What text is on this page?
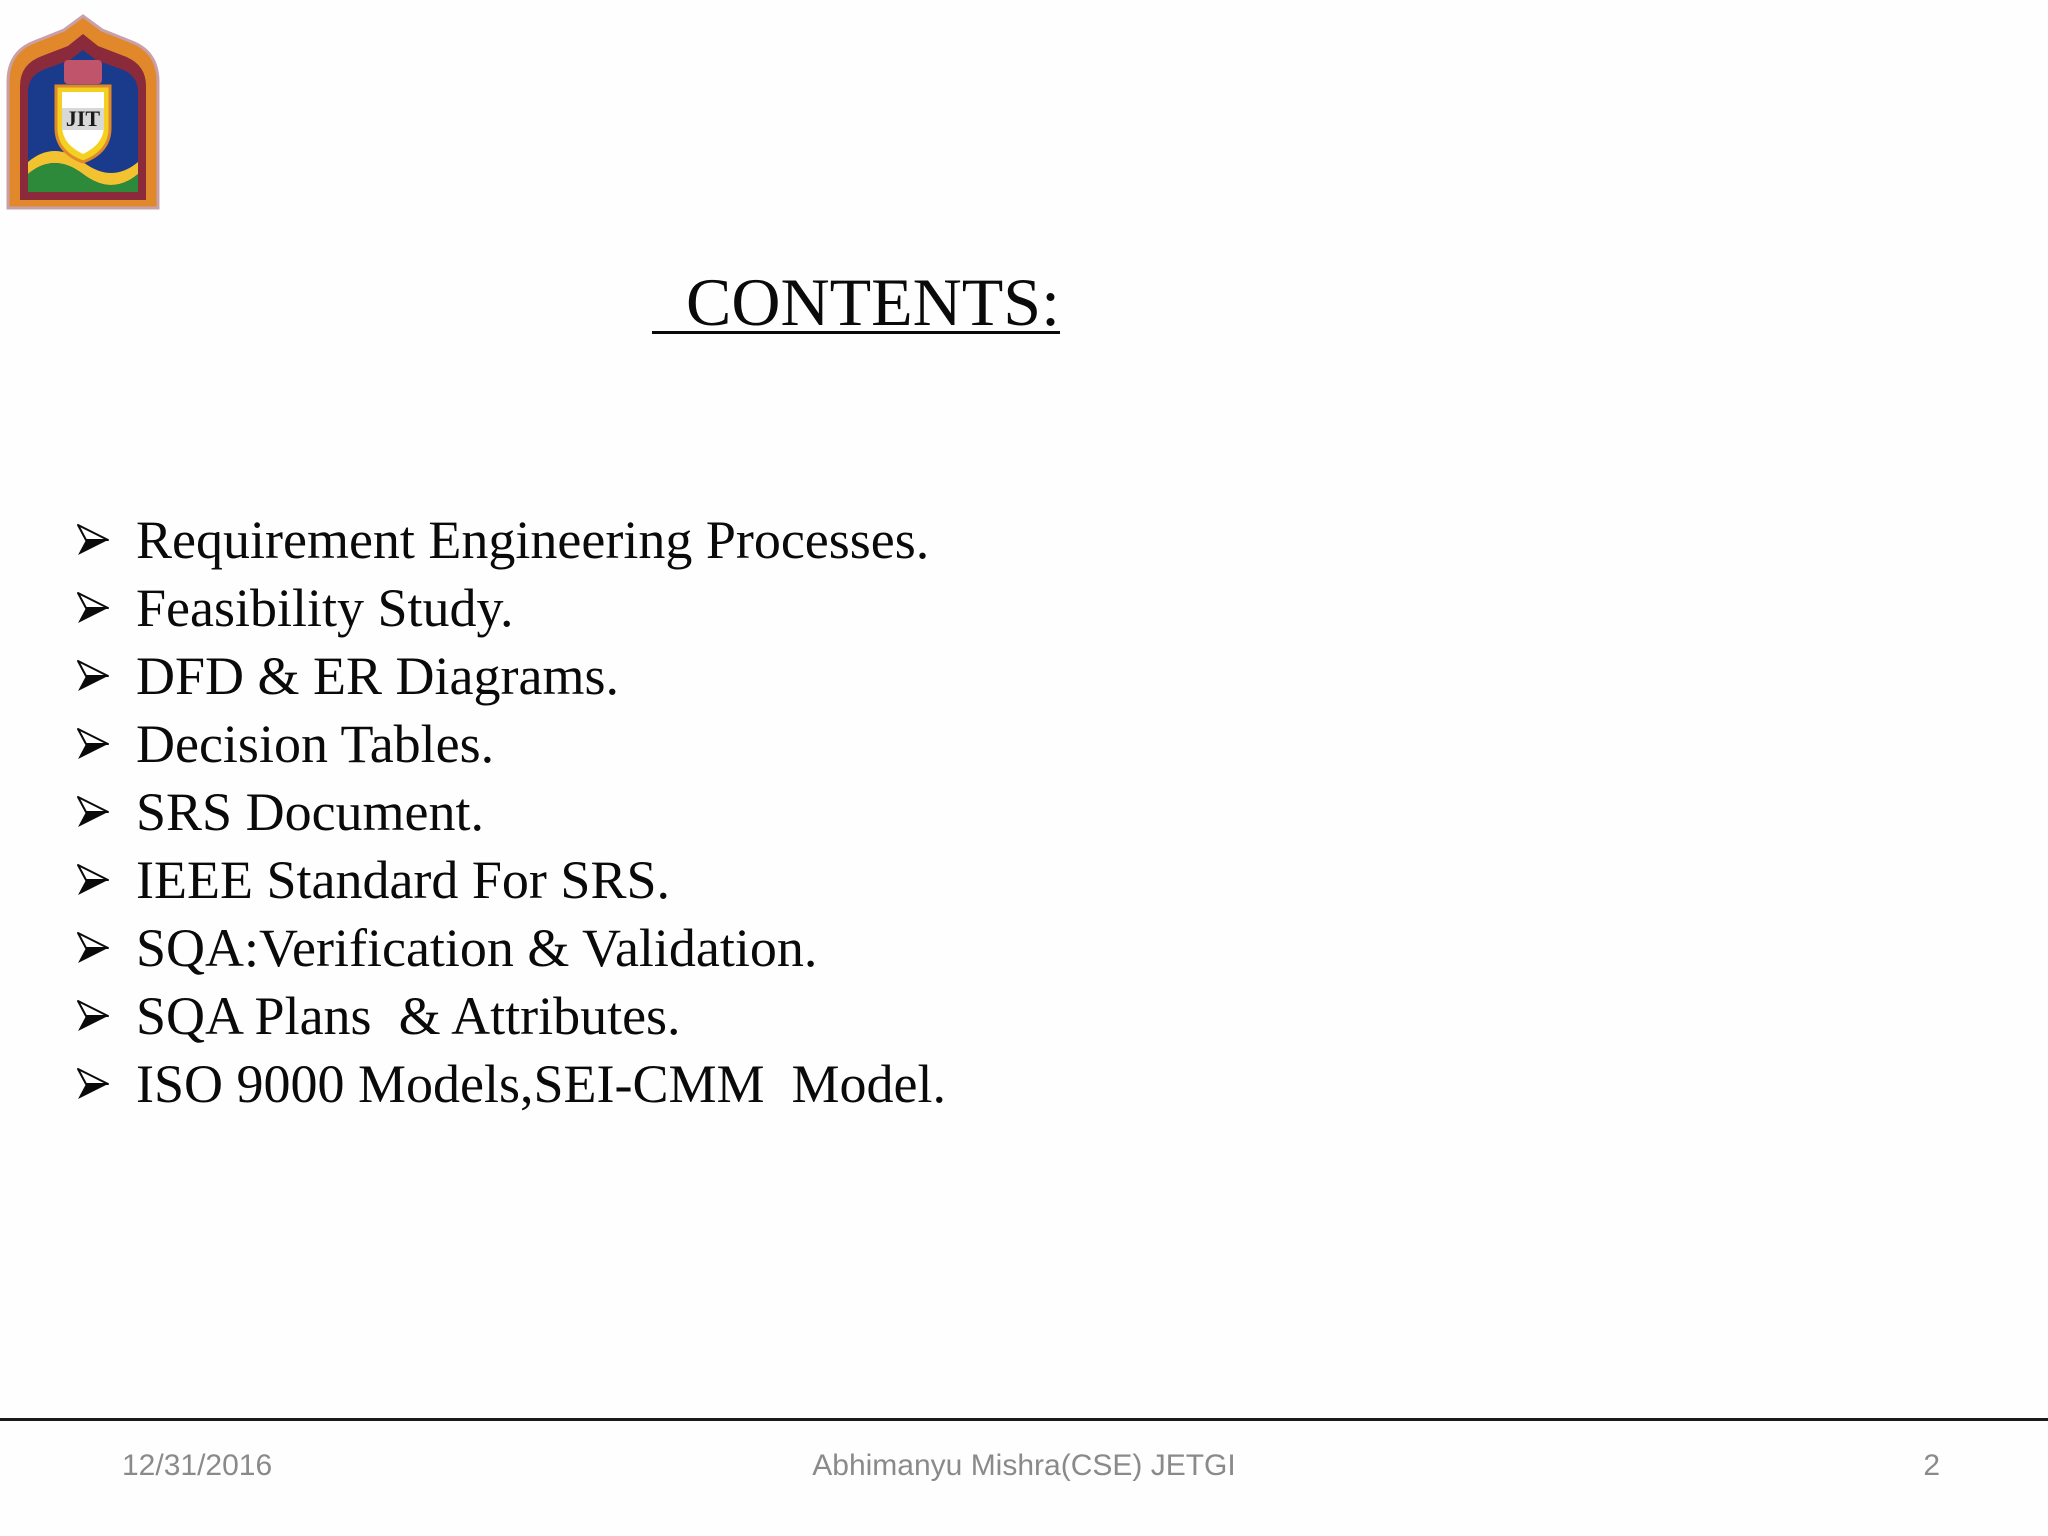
JIT
CONTENTS:
Requirement Engineering Processes.
Feasibility Study.
DFD & ER Diagrams.
Decision Tables.
SRS Document.
IEEE Standard For SRS.
SQA:Verification & Validation.
SQA Plans  & Attributes.
ISO 9000 Models,SEI-CMM  Model.
12/31/2016	Abhimanyu Mishra(CSE) JETGI	2
